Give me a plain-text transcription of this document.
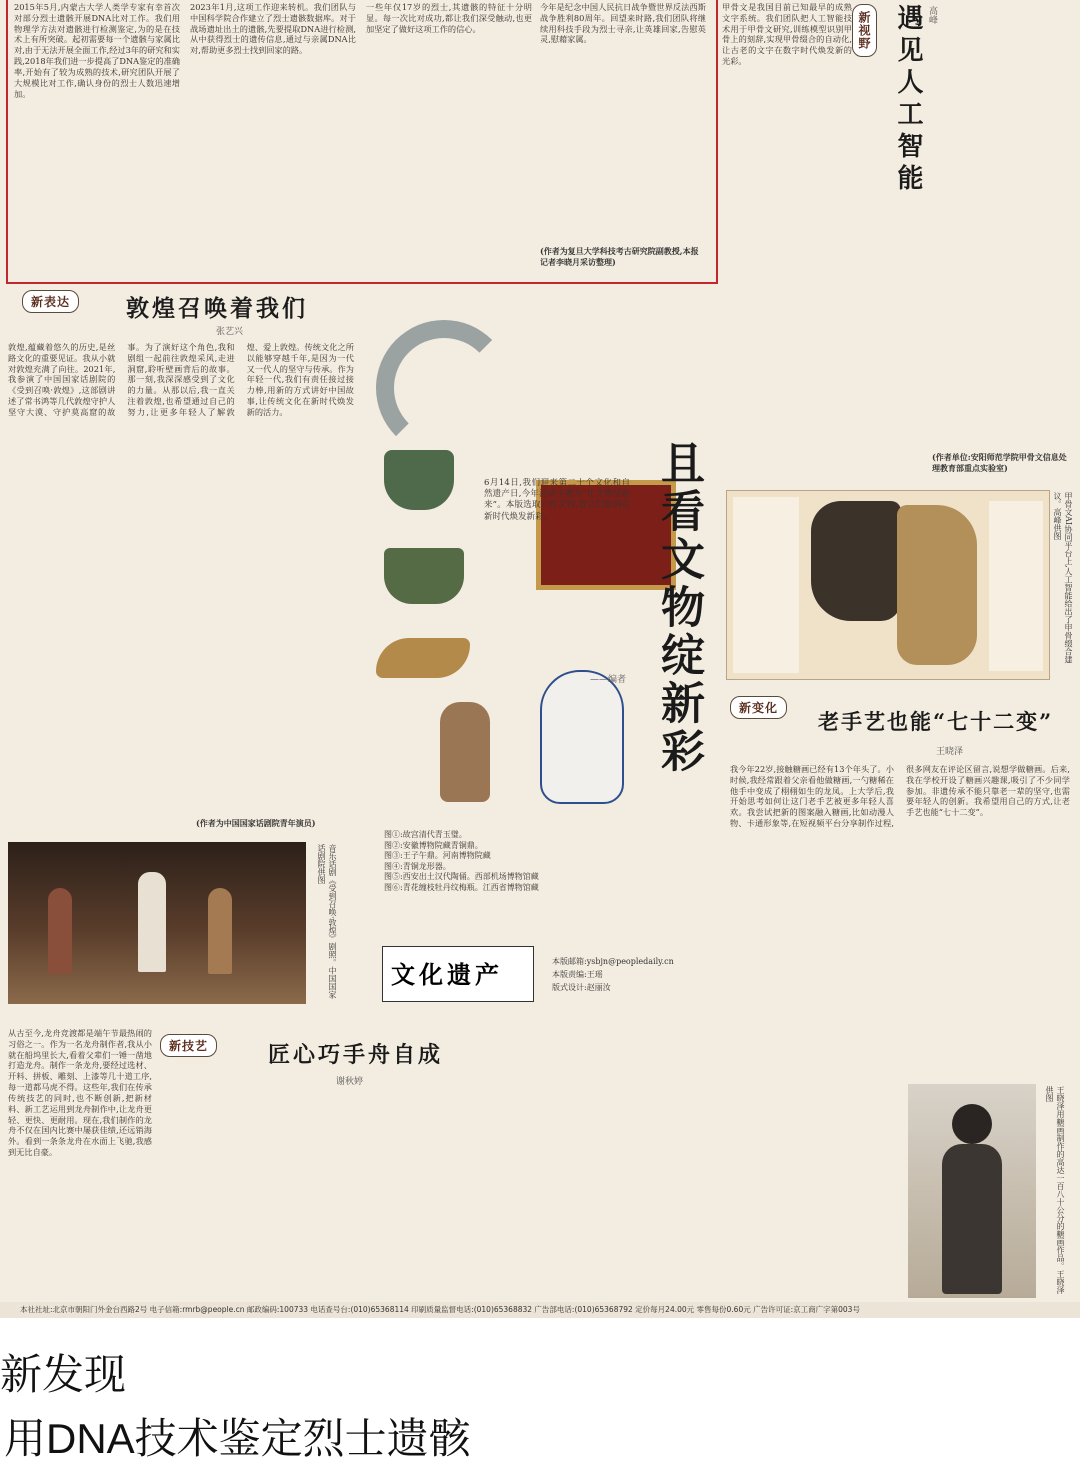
2015年5月,内蒙古大学人类学专家有幸首次对部分烈士遗骸开展DNA比对工作。我们用物理学方法对遗骸进行检测鉴定,为的是在技术上有所突破。起初需要每一个遗骸与家属比对,由于无法开展全面工作,经过3年的研究和实践,2018年我们进一步提高了DNA鉴定的准确率,开始有了较为成熟的技术,研究团队开展了大规模比对工作,确认身份的烈士人数迅速增加。
2023年1月,这项工作迎来转机。我们团队与中国科学院合作建立了烈士遗骸数据库。对于战场遗址出土的遗骸,先要提取DNA进行检测,从中获得烈士的遗传信息,通过与亲属DNA比对,帮助更多烈士找到回家的路。
一些年仅17岁的烈士,其遗骸的特征十分明显。每一次比对成功,都让我们深受触动,也更加坚定了做好这项工作的信心。
今年是纪念中国人民抗日战争暨世界反法西斯战争胜利80周年。回望来时路,我们团队将继续用科技手段为烈士寻亲,让英雄回家,告慰英灵,慰藉家属。
(作者为复旦大学科技考古研究院副教授,本报记者李晓月采访整理)
甲骨文是我国目前已知最早的成熟文字系统。我们团队把人工智能技术用于甲骨文研究,训练模型识别甲骨上的刻辞,实现甲骨缀合的自动化,让古老的文字在数字时代焕发新的光彩。
新视野 遇见人工智能 高峰
(作者单位:安阳师范学院甲骨文信息处理教育部重点实验室)
甲骨文AI协同平台上,人工智能给出了甲骨缀合建议。高峰供图
新表达	敦煌召唤着我们
张艺兴
敦煌,蕴藏着悠久的历史,是丝路文化的重要见证。我从小就对敦煌充满了向往。2021年,我参演了中国国家话剧院的《受到召唤·敦煌》,这部剧讲述了常书鸿等几代敦煌守护人坚守大漠、守护莫高窟的故事。为了演好这个角色,我和剧组一起前往敦煌采风,走进洞窟,聆听壁画背后的故事。那一刻,我深深感受到了文化的力量。从那以后,我一直关注着敦煌,也希望通过自己的努力,让更多年轻人了解敦煌、爱上敦煌。传统文化之所以能够穿越千年,是因为一代又一代人的坚守与传承。作为年轻一代,我们有责任接过接力棒,用新的方式讲好中国故事,让传统文化在新时代焕发新的活力。
(作者为中国国家话剧院青年演员)
音乐话剧《受到召唤·敦煌》剧照。中国国家话剧院供图
且看文物绽新彩
6月14日,我们迎来第二十个文化和自然遗产日,今年活动主题为“让文物活起来”。本版选取六件文物,看它们如何在新时代焕发新彩。
——编者
图①:故宫清代青玉璧。
图②:安徽博物院藏青铜鼎。
图③:王子午鼎。河南博物院藏
图④:青铜龙形器。
图⑤:西安出土汉代陶俑。西部机场博物馆藏
图⑥:青花缠枝牡丹纹梅瓶。江西省博物馆藏
文化遗产	本版邮箱:ysbjn@peopledaily.cn
本版责编:王瑶
版式设计:赵丽汝
新变化
老手艺也能“七十二变”
王晓泽
我今年22岁,接触糖画已经有13个年头了。小时候,我经常跟着父亲看他做糖画,一勺糖稀在他手中变成了栩栩如生的龙凤。上大学后,我开始思考如何让这门老手艺被更多年轻人喜欢。我尝试把新的图案融入糖画,比如动漫人物、卡通形象等,在短视频平台分享制作过程,很多网友在评论区留言,说想学做糖画。后来,我在学校开设了糖画兴趣课,吸引了不少同学参加。非遗传承不能只靠老一辈的坚守,也需要年轻人的创新。我希望用自己的方式,让老手艺也能“七十二变”。
王晓泽用糖画制作的高达一百八十公分的糖画作品。王晓泽供图
新技艺	匠心巧手舟自成
谢秋婷
从古至今,龙舟竞渡都是端午节最热闹的习俗之一。作为一名龙舟制作者,我从小就在船坞里长大,看着父辈们一锤一凿地打造龙舟。制作一条龙舟,要经过选材、开料、拼板、雕刻、上漆等几十道工序,每一道都马虎不得。这些年,我们在传承传统技艺的同时,也不断创新,把新材料、新工艺运用到龙舟制作中,让龙舟更轻、更快、更耐用。现在,我们制作的龙舟不仅在国内比赛中屡获佳绩,还远销海外。看到一条条龙舟在水面上飞驰,我感到无比自豪。
本社社址:北京市朝阳门外金台西路2号 电子信箱:rmrb@people.cn 邮政编码:100733 电话查号台:(010)65368114 印刷质量监督电话:(010)65368832 广告部电话:(010)65368792 定价每月24.00元 零售每份0.60元 广告许可证:京工商广字第003号
新发现
用DNA技术鉴定烈士遗骸
